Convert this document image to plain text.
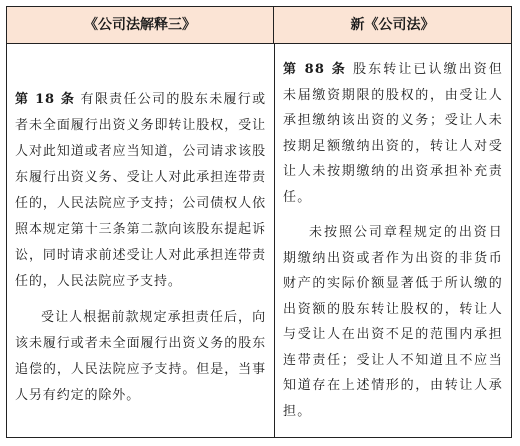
《公司法解释三》	新《公司法》

第 18 条 有限责任公司的股东未履行或者未全面履行出资义务即转让股权，受让人对此知道或者应当知道，公司请求该股东履行出资义务、受让人对此承担连带责任的，人民法院应予支持；公司债权人依照本规定第十三条第二款向该股东提起诉讼，同时请求前述受让人对此承担连带责任的，人民法院应予支持。

受让人根据前款规定承担责任后，向该未履行或者未全面履行出资义务的股东追偿的，人民法院应予支持。但是，当事人另有约定的除外。

第 88 条 股东转让已认缴出资但未届缴资期限的股权的，由受让人承担缴纳该出资的义务；受让人未按期足额缴纳出资的，转让人对受让人未按期缴纳的出资承担补充责任。

未按照公司章程规定的出资日期缴纳出资或者作为出资的非货币财产的实际价额显著低于所认缴的出资额的股东转让股权的，转让人与受让人在出资不足的范围内承担连带责任；受让人不知道且不应当知道存在上述情形的，由转让人承担。
